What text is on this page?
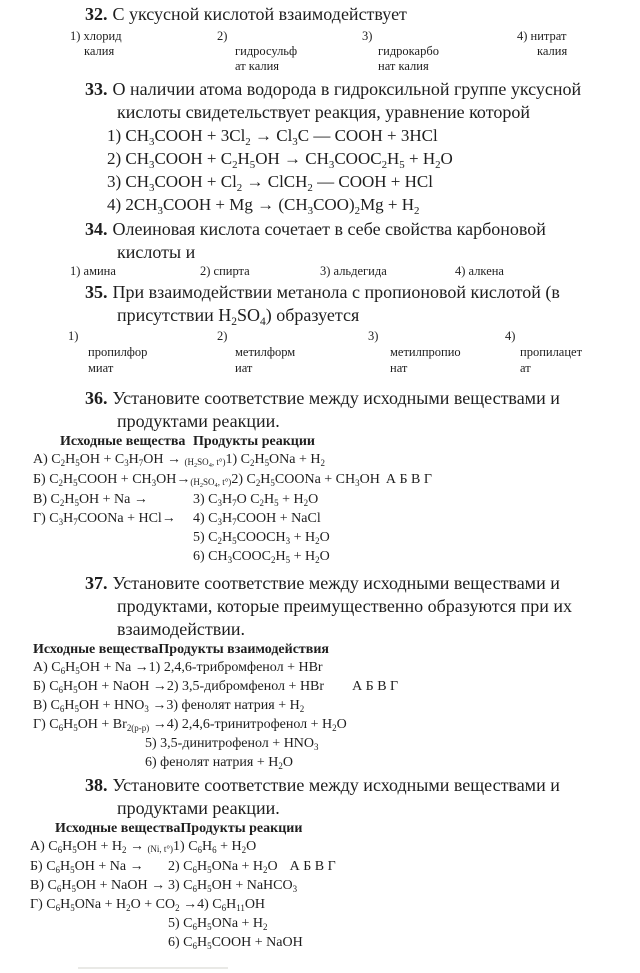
32. С уксусной кислотой взаимодействует
1) хлорид
калия
2)
гидросульф
ат калия
3)
гидрокарбо
нат калия
4) нитрат
калия
33. О наличии атома водорода в гидроксильной группе уксусной кислоты свидетельствует реакция, уравнение которой
1) $CH_3COOH + 3Cl_2 \to Cl_3C$ — COOH + 3HCl
2) $CH_3COOH + C_2H_5OH$ → $CH_3COOC_2H_5 + H_2O$
3) $CH_3COOH + Cl_2$ → ClCH$_2$ — COOH + HCl
4) $2CH_3COOH + Mg \to (CH_3COO)_2Mg + H_2$
34. Олеиновая кислота сочетает в себе свойства карбоновой кислоты и
1) амина	2) спирта	3) альдегида	4) алкена
35. При взаимодействии метанола с пропионовой кислотой (в присутствии $H_2SO_4$) образуется
1)
пропилфор
миат
2)
метилформ
иат
3)
метилпропио
нат
4)
пропилацет
ат
36. Установите соответствие между исходными веществами и продуктами реакции.
Исходные вещества Продукты реакции
А) $C_2H_5OH + C_3H_7OH \to (H_2SO_4$, t°) 1) $C_2H_5ONa + H_2$
Б) $C_2H_5COOH + CH_3OH\to(H_2SO_4$, t°) 2) $C_2H_5COONa + CH_3OH$ А Б В Г
В) $C_2H_5OH + Na$ →	3) $C_3H_7O$ $C_2H_5 + H_2O$
Г) $C_3H_7COONa + HCl\to$	4) $C_3H_7COOH$ + NaCl
5) $C_2H_5COOCH_3 + H_2O$
6) $CH_3COOC_2H_5 + H_2O$
37. Установите соответствие между исходными веществами и продуктами, которые преимущественно образуются при их взаимодействии.
Исходные вещества Продукты взаимодействия
А) $C_6H_5OH + Na \to 1$) 2,4,6-трибромфенол + HBr
Б) $C_6H_5OH$ + NaOH → 2) 3,5-дибромфенол + HBr А Б В Г
В) $C_6H_5OH + HNO_3 \to 3$) фенолят натрия + $H_2$
Г) $C_6H_5OH + Br_{2(р-р)} \to 4$) 2,4,6-тринитрофенол + $H_2O$
5) 3,5-динитрофенол + $HNO_3$
6) фенолят натрия + $H_2O$
38. Установите соответствие между исходными веществами и продуктами реакции.
Исходные вещества Продукты реакции
А) $C_6H_5OH + H_2 \to (Ni$, t°) 1) $C_6H_6 + H_2O$
Б) $C_6H_5OH + Na$ →	2) $C_6H_5ONa + H_2O$ А Б В Г
В) $C_6H_5OH$ + NaOH → 3) $C_6H_5OH$ + NaHCO$_3$
Г) $C_6H_5ONa + H_2O + CO_2 \to 4$) $C_6H_{11}OH$
5) $C_6H_5ONa + H_2$
6) $C_6H_5COOH$ + NaOH
